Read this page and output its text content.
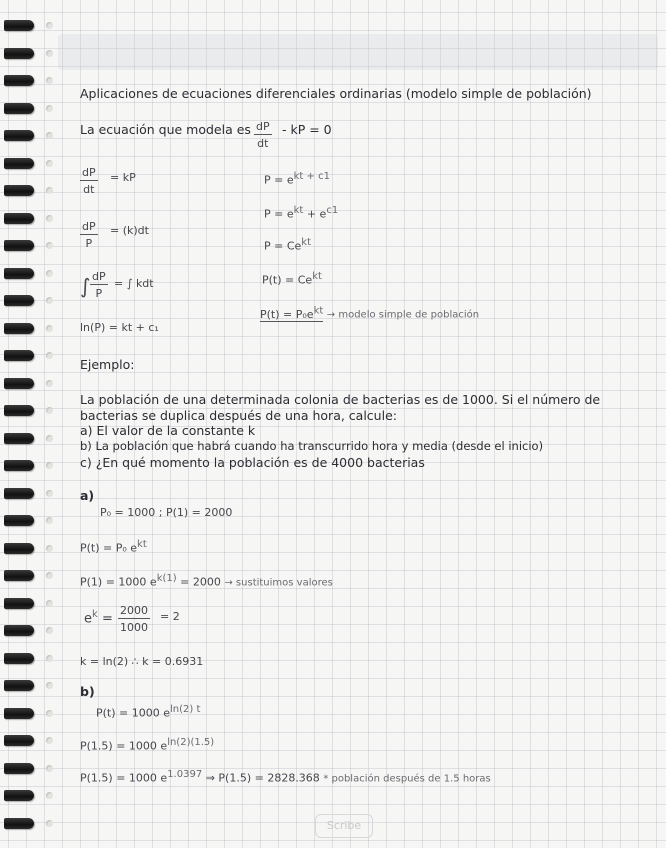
Aplicaciones de ecuaciones diferenciales ordinarias (modelo simple de población)
La ecuación que modela es $\frac{dP}{dt}$ - kP = 0
$\frac{dP}{dt}$ = kP
$\frac{dP}{P} = (k)dt$
∫ $\frac{dP}{P}$ = ∫ kdt
ln(P) = kt + c₁
$P = e^{kt + c1}$
$P = e^{kt} + e^{c1}$
$P = Ce^{kt}$
$P(t) = Ce^{kt}$
$P(t) = P_0e^{kt}$ → modelo simple de población
Ejemplo:
La población de una determinada colonia de bacterias es de 1000. Si el número de
bacterias se duplica después de una hora, calcule:
a) El valor de la constante k
b) La población que habrá cuando ha transcurrido hora y media (desde el inicio)
c) ¿En qué momento la población es de 4000 bacterias
a)
P₀ = 1000 ; P(1) = 2000
P(t) = P₀ $e^{kt}$
P(1) = 1000 $e^{k(1)} = 2000$ → sustituimos valores
$e^k = \frac{2000}{1000} = 2$
k = ln(2) ∴ k = 0.6931
b)
P(t) = 1000 $e^{ln(2) t}$
P(1.5) = 1000 $e^{ln(2)(1.5)}$
P(1.5) = 1000 $e^{1.0397}$ ⇒ P(1.5) = 2828.368 * población después de 1.5 horas
Scribe
